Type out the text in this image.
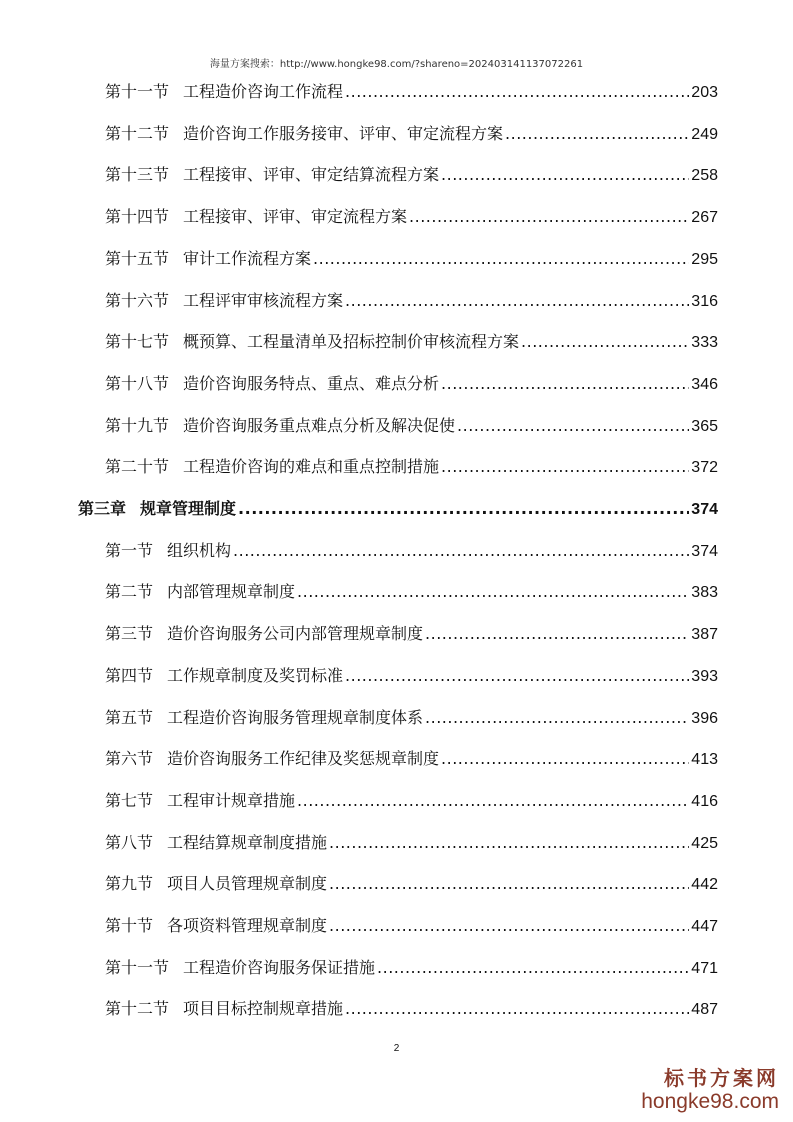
海量方案搜索：http://www.hongke98.com/?shareno=20240314113707226​1
第十一节 工程造价咨询工作流程 .....	203
第十二节 造价咨询工作服务接审、评审、审定流程方案 .....	249
第十三节 工程接审、评审、审定结算流程方案 .....	258
第十四节 工程接审、评审、审定流程方案 .....	267
第十五节 审计工作流程方案 .....	295
第十六节 工程评审审核流程方案 .....	316
第十七节 概预算、工程量清单及招标控制价审核流程方案 .....	333
第十八节 造价咨询服务特点、重点、难点分析 .....	346
第十九节 造价咨询服务重点难点分析及解决促使 .....	365
第二十节 工程造价咨询的难点和重点控制措施 .....	372
第三章 规章管理制度 .....	374
第一节 组织机构 .....	374
第二节 内部管理规章制度 .....	383
第三节 造价咨询服务公司内部管理规章制度 .....	387
第四节 工作规章制度及奖罚标准 .....	393
第五节 工程造价咨询服务管理规章制度体系 .....	396
第六节 造价咨询服务工作纪律及奖惩规章制度 .....	413
第七节 工程审计规章措施 .....	416
第八节 工程结算规章制度措施 .....	425
第九节 项目人员管理规章制度 .....	442
第十节 各项资料管理规章制度 .....	447
第十一节 工程造价咨询服务保证措施 .....	471
第十二节 项目目标控制规章措施 .....	487
2
标书方案网
hongke98.com
